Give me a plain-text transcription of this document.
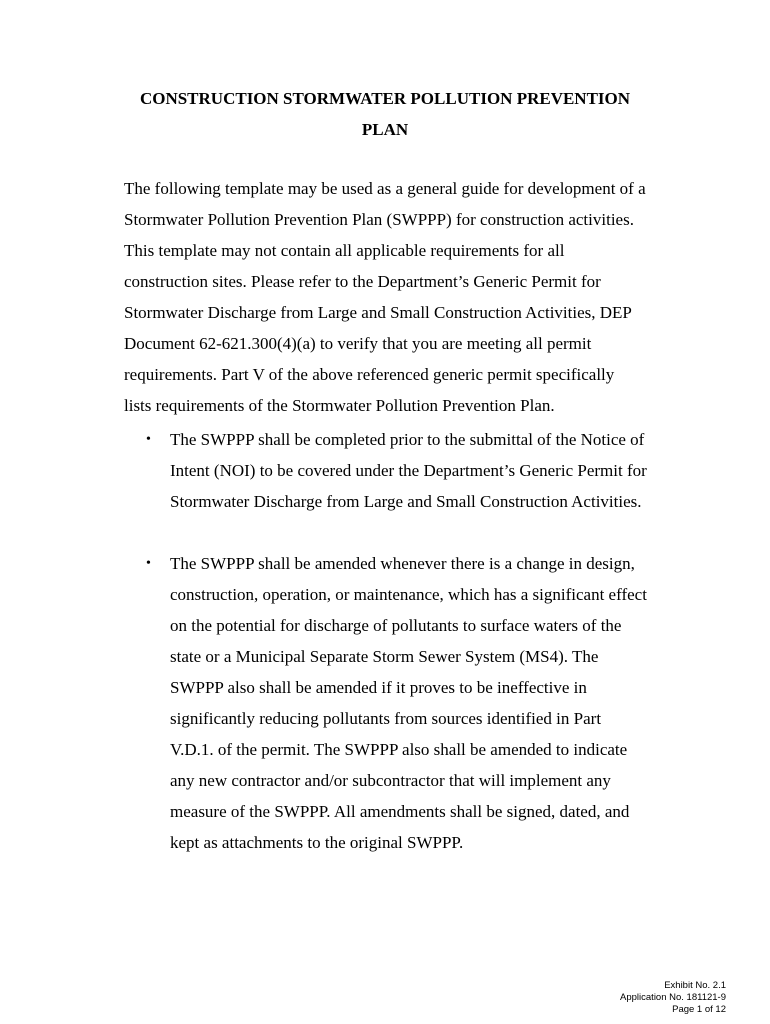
CONSTRUCTION STORMWATER POLLUTION PREVENTION
PLAN
The following template may be used as a general guide for development of a
Stormwater Pollution Prevention Plan (SWPPP) for construction activities.
This template may not contain all applicable requirements for all
construction sites. Please refer to the Department’s Generic Permit for
Stormwater Discharge from Large and Small Construction Activities, DEP
Document 62-621.300(4)(a) to verify that you are meeting all permit
requirements. Part V of the above referenced generic permit specifically
lists requirements of the Stormwater Pollution Prevention Plan.
• The SWPPP shall be completed prior to the submittal of the Notice of
Intent (NOI) to be covered under the Department’s Generic Permit for
Stormwater Discharge from Large and Small Construction Activities.
• The SWPPP shall be amended whenever there is a change in design,
construction, operation, or maintenance, which has a significant effect
on the potential for discharge of pollutants to surface waters of the
state or a Municipal Separate Storm Sewer System (MS4). The
SWPPP also shall be amended if it proves to be ineffective in
significantly reducing pollutants from sources identified in Part
V.D.1. of the permit. The SWPPP also shall be amended to indicate
any new contractor and/or subcontractor that will implement any
measure of the SWPPP. All amendments shall be signed, dated, and
kept as attachments to the original SWPPP.
Exhibit No. 2.1
Application No. 181121-9
Page 1 of 12
